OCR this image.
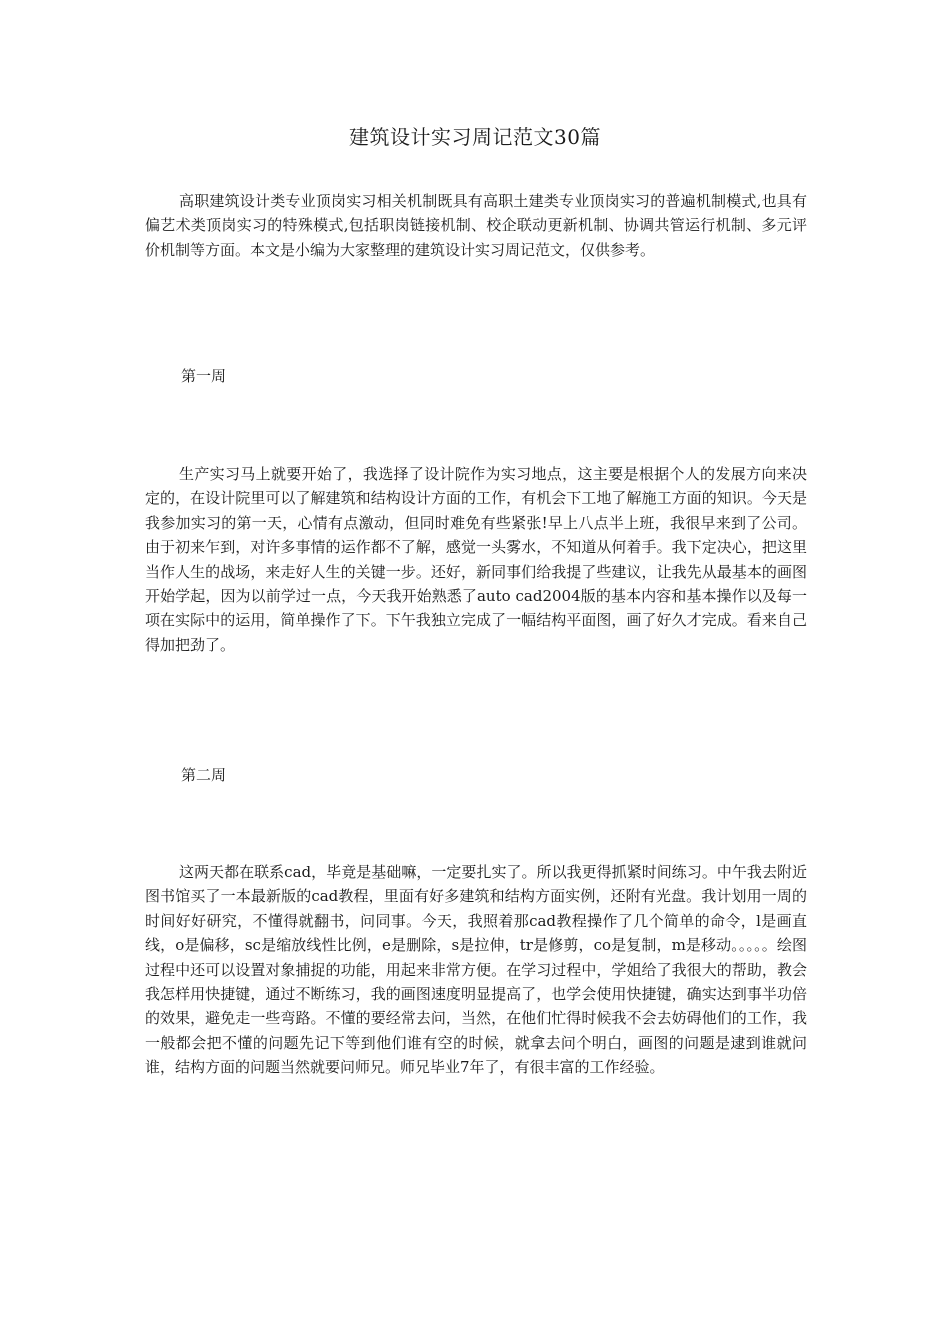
建筑设计实习周记范文30篇

高职建筑设计类专业顶岗实习相关机制既具有高职土建类专业顶岗实习的普遍机制模式,也具有偏艺术类顶岗实习的特殊模式,包括职岗链接机制、校企联动更新机制、协调共管运行机制、多元评价机制等方面。本文是小编为大家整理的建筑设计实习周记范文，仅供参考。

第一周

生产实习马上就要开始了，我选择了设计院作为实习地点，这主要是根据个人的发展方向来决定的，在设计院里可以了解建筑和结构设计方面的工作，有机会下工地了解施工方面的知识。今天是我参加实习的第一天，心情有点激动，但同时难免有些紧张!早上八点半上班，我很早来到了公司。由于初来乍到，对许多事情的运作都不了解，感觉一头雾水，不知道从何着手。我下定决心，把这里当作人生的战场，来走好人生的关键一步。还好，新同事们给我提了些建议，让我先从最基本的画图开始学起，因为以前学过一点，今天我开始熟悉了auto cad2004版的基本内容和基本操作以及每一项在实际中的运用，简单操作了下。下午我独立完成了一幅结构平面图，画了好久才完成。看来自己得加把劲了。

第二周

这两天都在联系cad，毕竟是基础嘛，一定要扎实了。所以我更得抓紧时间练习。中午我去附近图书馆买了一本最新版的cad教程，里面有好多建筑和结构方面实例，还附有光盘。我计划用一周的时间好好研究，不懂得就翻书，问同事。今天，我照着那cad教程操作了几个简单的命令，l是画直线，o是偏移，sc是缩放线性比例，e是删除，s是拉伸，tr是修剪，co是复制，m是移动。。。。。绘图过程中还可以设置对象捕捉的功能，用起来非常方便。在学习过程中，学姐给了我很大的帮助，教会我怎样用快捷键，通过不断练习，我的画图速度明显提高了，也学会使用快捷键，确实达到事半功倍的效果，避免走一些弯路。不懂的要经常去问，当然，在他们忙得时候我不会去妨碍他们的工作，我一般都会把不懂的问题先记下等到他们谁有空的时候，就拿去问个明白，画图的问题是逮到谁就问谁，结构方面的问题当然就要问师兄。师兄毕业7年了，有很丰富的工作经验。
